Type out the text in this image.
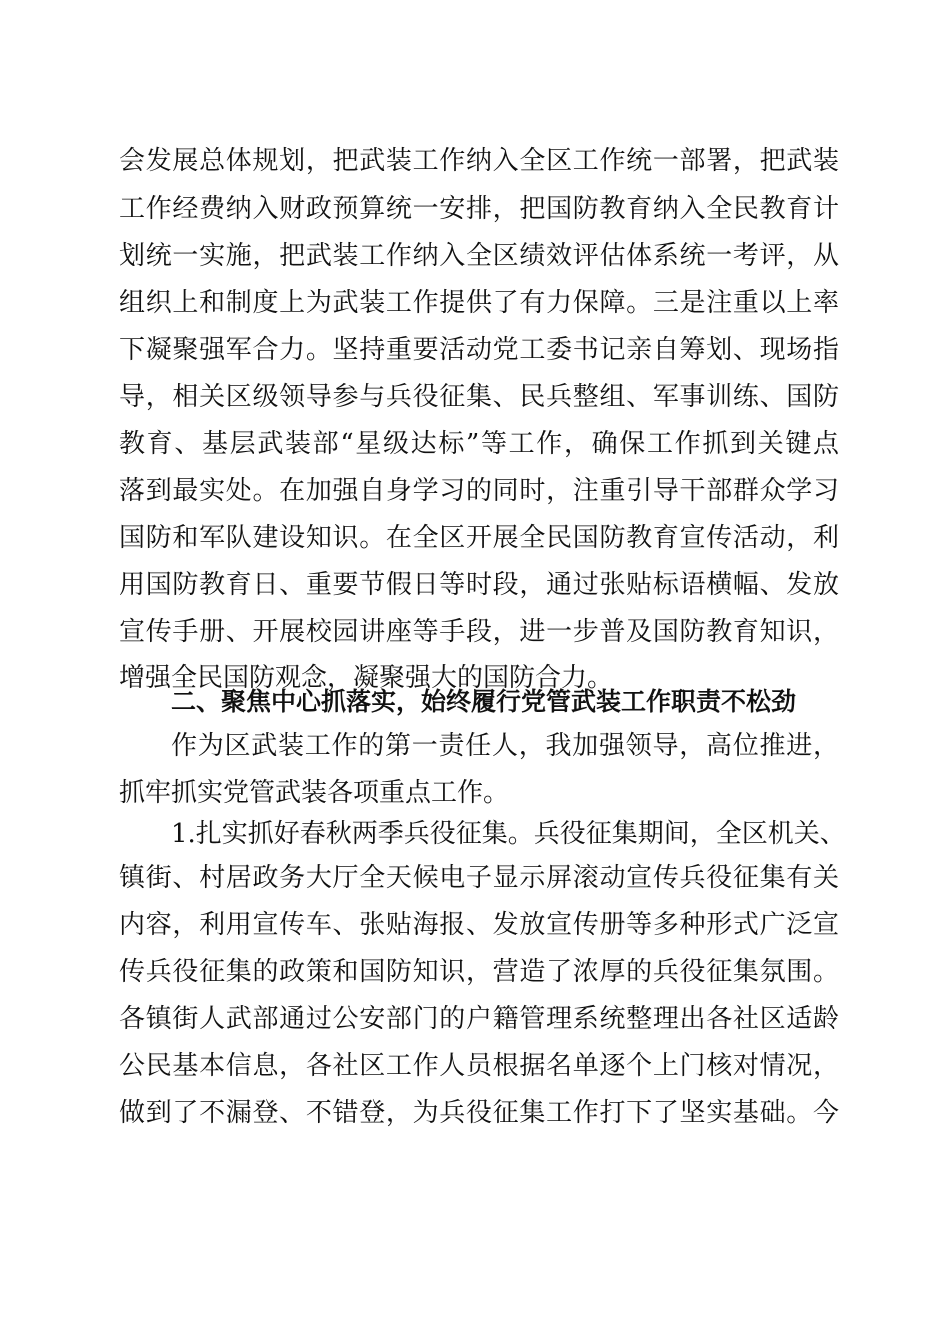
会发展总体规划，把武装工作纳入全区工作统一部署，把武装
工作经费纳入财政预算统一安排，把国防教育纳入全民教育计
划统一实施，把武装工作纳入全区绩效评估体系统一考评，从
组织上和制度上为武装工作提供了有力保障。三是注重以上率
下凝聚强军合力。坚持重要活动党工委书记亲自筹划、现场指
导，相关区级领导参与兵役征集、民兵整组、军事训练、国防
教育、基层武装部“星级达标”等工作，确保工作抓到关键点
落到最实处。在加强自身学习的同时，注重引导干部群众学习
国防和军队建设知识。在全区开展全民国防教育宣传活动，利
用国防教育日、重要节假日等时段，通过张贴标语横幅、发放
宣传手册、开展校园讲座等手段，进一步普及国防教育知识，
增强全民国防观念，凝聚强大的国防合力。
二、聚焦中心抓落实，始终履行党管武装工作职责不松劲
作为区武装工作的第一责任人，我加强领导，高位推进，
抓牢抓实党管武装各项重点工作。
1.扎实抓好春秋两季兵役征集。兵役征集期间，全区机关、
镇街、村居政务大厅全天候电子显示屏滚动宣传兵役征集有关
内容，利用宣传车、张贴海报、发放宣传册等多种形式广泛宣
传兵役征集的政策和国防知识，营造了浓厚的兵役征集氛围。
各镇街人武部通过公安部门的户籍管理系统整理出各社区适龄
公民基本信息，各社区工作人员根据名单逐个上门核对情况，
做到了不漏登、不错登，为兵役征集工作打下了坚实基础。今
